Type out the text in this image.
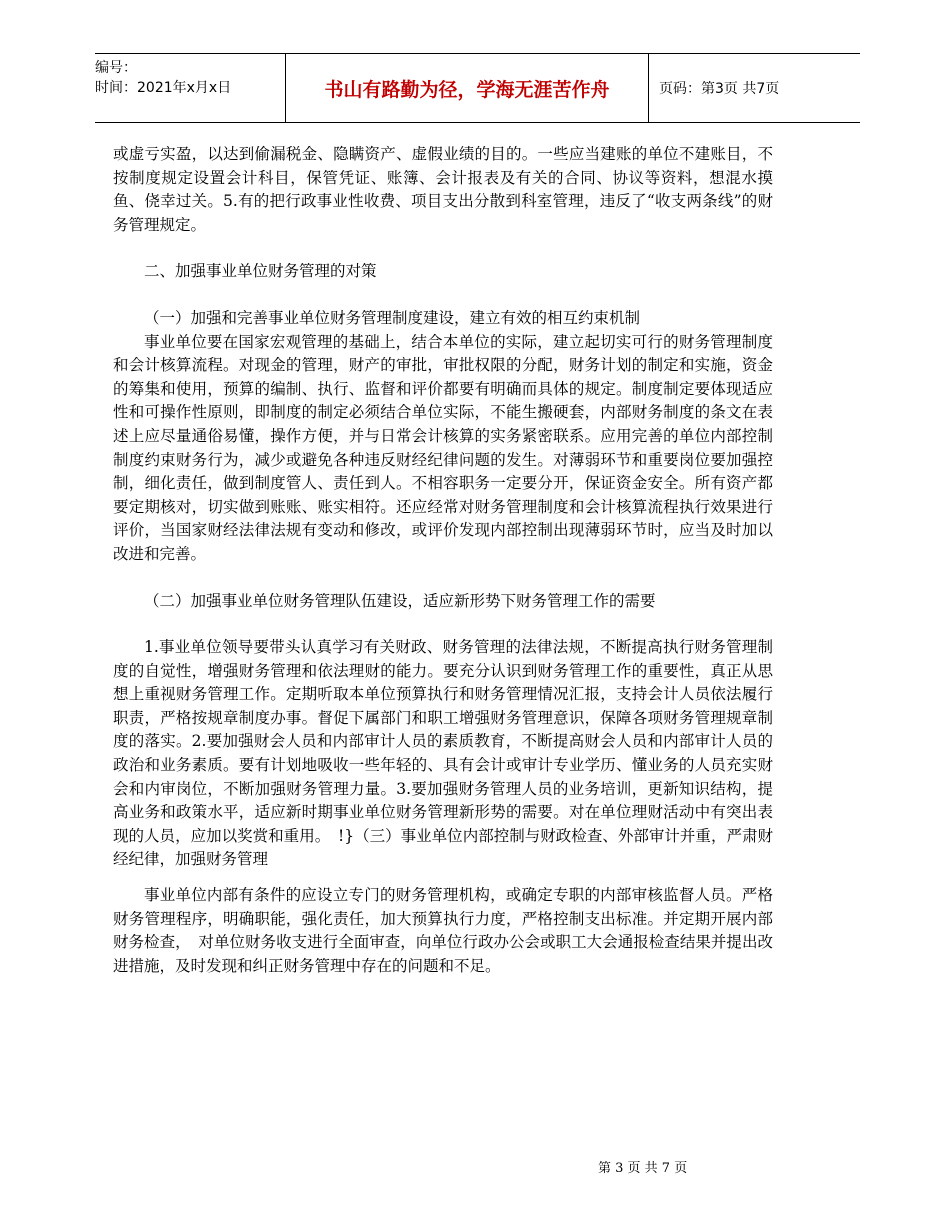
编号：
时间：2021年x月x日	书山有路勤为径，学海无涯苦作舟	页码：第3页 共7页

或虚亏实盈，以达到偷漏税金、隐瞒资产、虚假业绩的目的。一些应当建账的单位不建账目，不按制度规定设置会计科目，保管凭证、账簿、会计报表及有关的合同、协议等资料，想混水摸鱼、侥幸过关。5.有的把行政事业性收费、项目支出分散到科室管理，违反了“收支两条线”的财务管理规定。

二、加强事业单位财务管理的对策

（一）加强和完善事业单位财务管理制度建设，建立有效的相互约束机制

事业单位要在国家宏观管理的基础上，结合本单位的实际，建立起切实可行的财务管理制度和会计核算流程。对现金的管理，财产的审批，审批权限的分配，财务计划的制定和实施，资金的筹集和使用，预算的编制、执行、监督和评价都要有明确而具体的规定。制度制定要体现适应性和可操作性原则，即制度的制定必须结合单位实际，不能生搬硬套，内部财务制度的条文在表述上应尽量通俗易懂，操作方便，并与日常会计核算的实务紧密联系。应用完善的单位内部控制制度约束财务行为，减少或避免各种违反财经纪律问题的发生。对薄弱环节和重要岗位要加强控制，细化责任，做到制度管人、责任到人。不相容职务一定要分开，保证资金安全。所有资产都要定期核对，切实做到账账、账实相符。还应经常对财务管理制度和会计核算流程执行效果进行评价，当国家财经法律法规有变动和修改，或评价发现内部控制出现薄弱环节时，应当及时加以改进和完善。

（二）加强事业单位财务管理队伍建设，适应新形势下财务管理工作的需要

1.事业单位领导要带头认真学习有关财政、财务管理的法律法规，不断提高执行财务管理制度的自觉性，增强财务管理和依法理财的能力。要充分认识到财务管理工作的重要性，真正从思想上重视财务管理工作。定期听取本单位预算执行和财务管理情况汇报，支持会计人员依法履行职责，严格按规章制度办事。督促下属部门和职工增强财务管理意识，保障各项财务管理规章制度的落实。2.要加强财会人员和内部审计人员的素质教育，不断提高财会人员和内部审计人员的政治和业务素质。要有计划地吸收一些年轻的、具有会计或审计专业学历、懂业务的人员充实财会和内审岗位，不断加强财务管理力量。3.要加强财务管理人员的业务培训，更新知识结构，提高业务和政策水平，适应新时期事业单位财务管理新形势的需要。对在单位理财活动中有突出表现的人员，应加以奖赏和重用。　!}（三）事业单位内部控制与财政检查、外部审计并重，严肃财经纪律，加强财务管理

事业单位内部有条件的应设立专门的财务管理机构，或确定专职的内部审核监督人员。严格财务管理程序，明确职能，强化责任，加大预算执行力度，严格控制支出标准。并定期开展内部财务检查，　对单位财务收支进行全面审查，向单位行政办公会或职工大会通报检查结果并提出改进措施，及时发现和纠正财务管理中存在的问题和不足。

第 3 页 共 7 页
